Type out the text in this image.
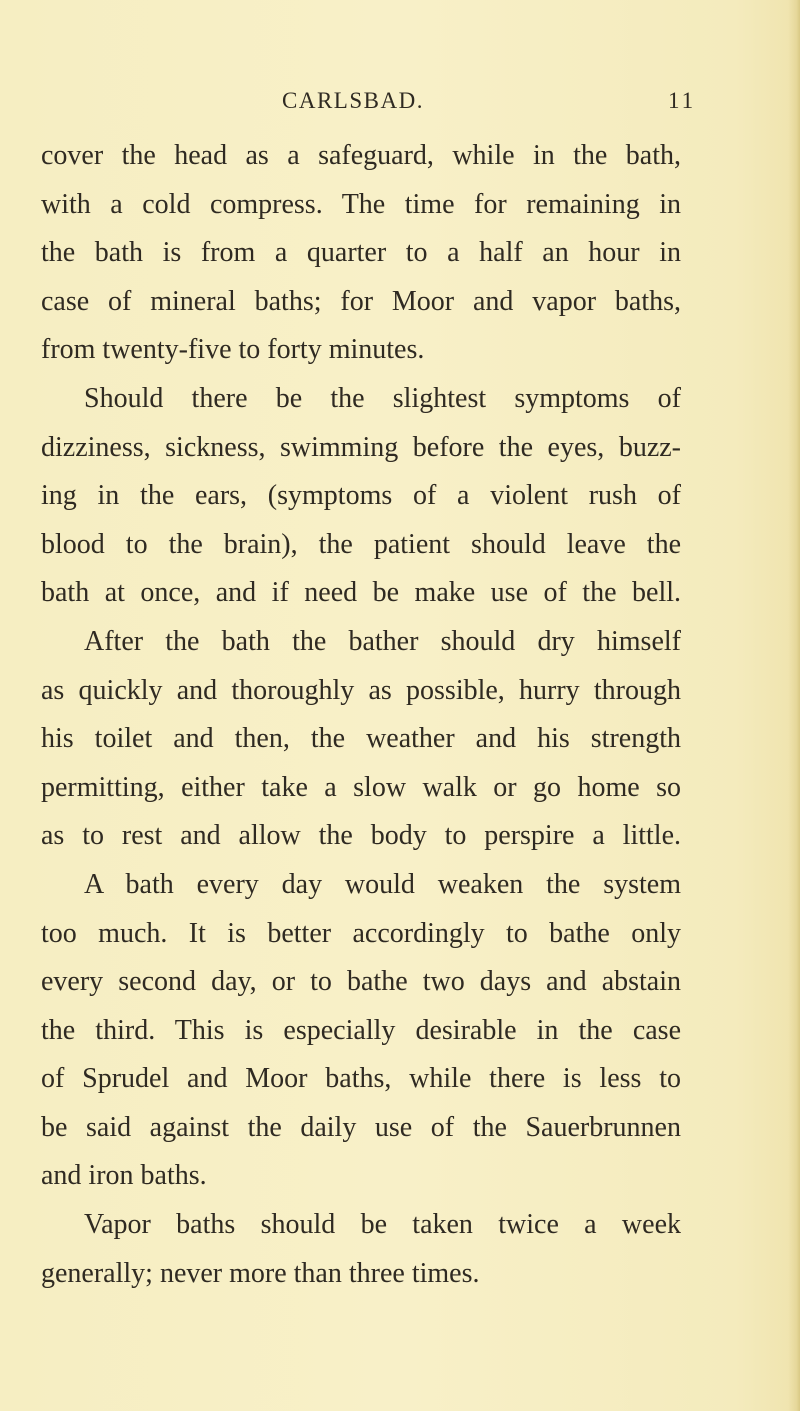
CARLSBAD.	11
cover the head as a safeguard, while in the bath,
with a cold compress. The time for remaining in
the bath is from a quarter to a half an hour in
case of mineral baths; for Moor and vapor baths,
from twenty-five to forty minutes.
Should there be the slightest symptoms of
dizziness, sickness, swimming before the eyes, buzz-
ing in the ears, (symptoms of a violent rush of
blood to the brain), the patient should leave the
bath at once, and if need be make use of the bell.
After the bath the bather should dry himself
as quickly and thoroughly as possible, hurry through
his toilet and then, the weather and his strength
permitting, either take a slow walk or go home so
as to rest and allow the body to perspire a little.
A bath every day would weaken the system
too much. It is better accordingly to bathe only
every second day, or to bathe two days and abstain
the third. This is especially desirable in the case
of Sprudel and Moor baths, while there is less to
be said against the daily use of the Sauerbrunnen
and iron baths.
Vapor baths should be taken twice a week
generally; never more than three times.
